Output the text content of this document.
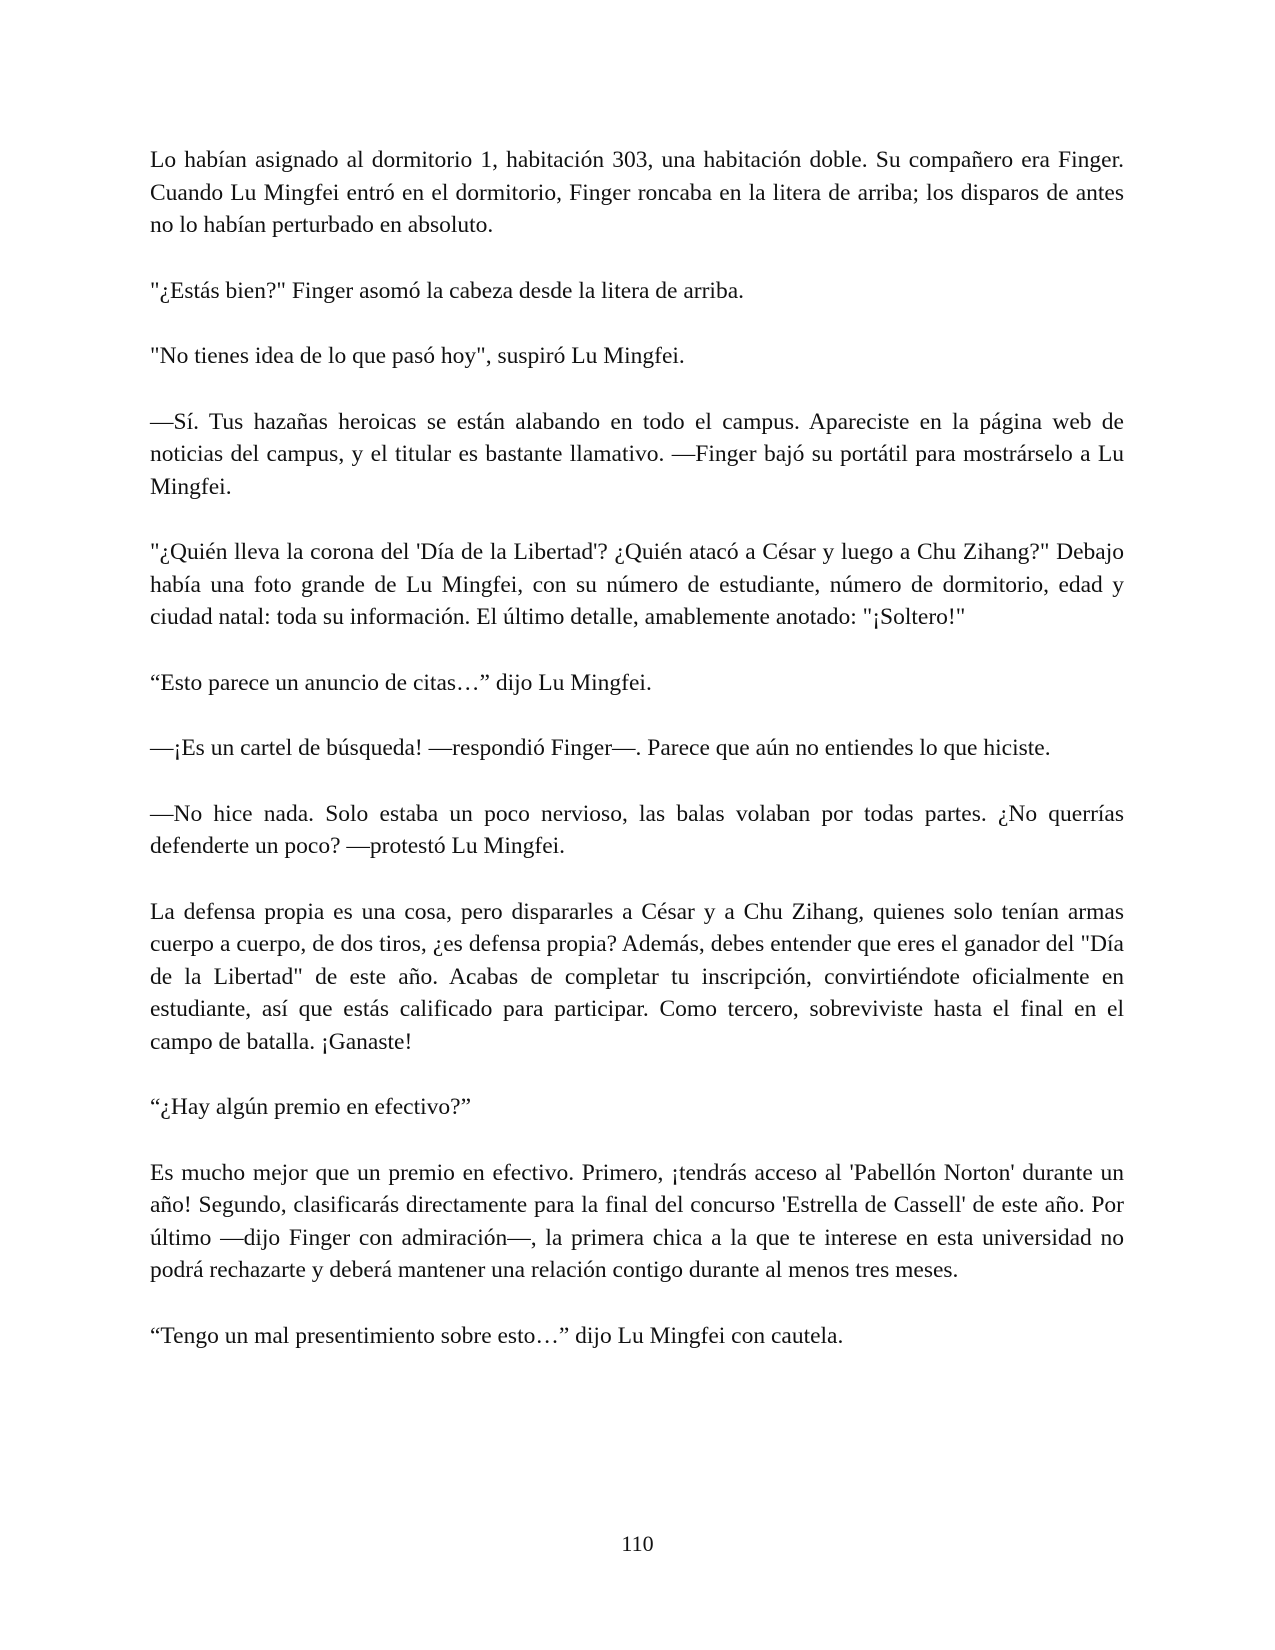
Lo habían asignado al dormitorio 1, habitación 303, una habitación doble. Su compañero era Finger. Cuando Lu Mingfei entró en el dormitorio, Finger roncaba en la litera de arriba; los disparos de antes no lo habían perturbado en absoluto.

"¿Estás bien?" Finger asomó la cabeza desde la litera de arriba.

"No tienes idea de lo que pasó hoy", suspiró Lu Mingfei.

—Sí. Tus hazañas heroicas se están alabando en todo el campus. Apareciste en la página web de noticias del campus, y el titular es bastante llamativo. —Finger bajó su portátil para mostrárselo a Lu Mingfei.

"¿Quién lleva la corona del 'Día de la Libertad'? ¿Quién atacó a César y luego a Chu Zihang?" Debajo había una foto grande de Lu Mingfei, con su número de estudiante, número de dormitorio, edad y ciudad natal: toda su información. El último detalle, amablemente anotado: "¡Soltero!"

“Esto parece un anuncio de citas…” dijo Lu Mingfei.

—¡Es un cartel de búsqueda! —respondió Finger—. Parece que aún no entiendes lo que hiciste.

—No hice nada. Solo estaba un poco nervioso, las balas volaban por todas partes. ¿No querrías defenderte un poco? —protestó Lu Mingfei.

La defensa propia es una cosa, pero dispararles a César y a Chu Zihang, quienes solo tenían armas cuerpo a cuerpo, de dos tiros, ¿es defensa propia? Además, debes entender que eres el ganador del "Día de la Libertad" de este año. Acabas de completar tu inscripción, convirtiéndote oficialmente en estudiante, así que estás calificado para participar. Como tercero, sobreviviste hasta el final en el campo de batalla. ¡Ganaste!

“¿Hay algún premio en efectivo?”

Es mucho mejor que un premio en efectivo. Primero, ¡tendrás acceso al 'Pabellón Norton' durante un año! Segundo, clasificarás directamente para la final del concurso 'Estrella de Cassell' de este año. Por último —dijo Finger con admiración—, la primera chica a la que te interese en esta universidad no podrá rechazarte y deberá mantener una relación contigo durante al menos tres meses.

“Tengo un mal presentimiento sobre esto…” dijo Lu Mingfei con cautela.

110
